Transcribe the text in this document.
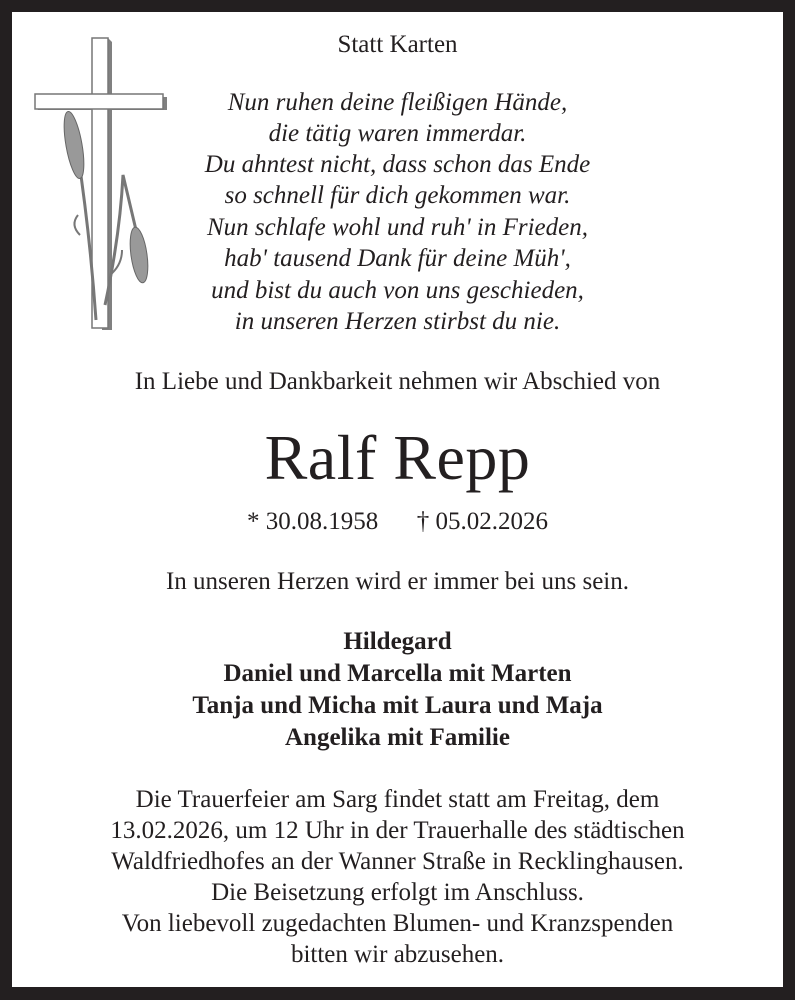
Statt Karten
Nun ruhen deine fleißigen Hände,
die tätig waren immerdar.
Du ahntest nicht, dass schon das Ende
so schnell für dich gekommen war.
Nun schlafe wohl und ruh' in Frieden,
hab' tausend Dank für deine Müh',
und bist du auch von uns geschieden,
in unseren Herzen stirbst du nie.
In Liebe und Dankbarkeit nehmen wir Abschied von
Ralf Repp
* 30.08.1958 † 05.02.2026
In unseren Herzen wird er immer bei uns sein.
Hildegard
Daniel und Marcella mit Marten
Tanja und Micha mit Laura und Maja
Angelika mit Familie
Die Trauerfeier am Sarg findet statt am Freitag, dem
13.02.2026, um 12 Uhr in der Trauerhalle des städtischen
Waldfriedhofes an der Wanner Straße in Recklinghausen.
Die Beisetzung erfolgt im Anschluss.
Von liebevoll zugedachten Blumen- und Kranzspenden
bitten wir abzusehen.
